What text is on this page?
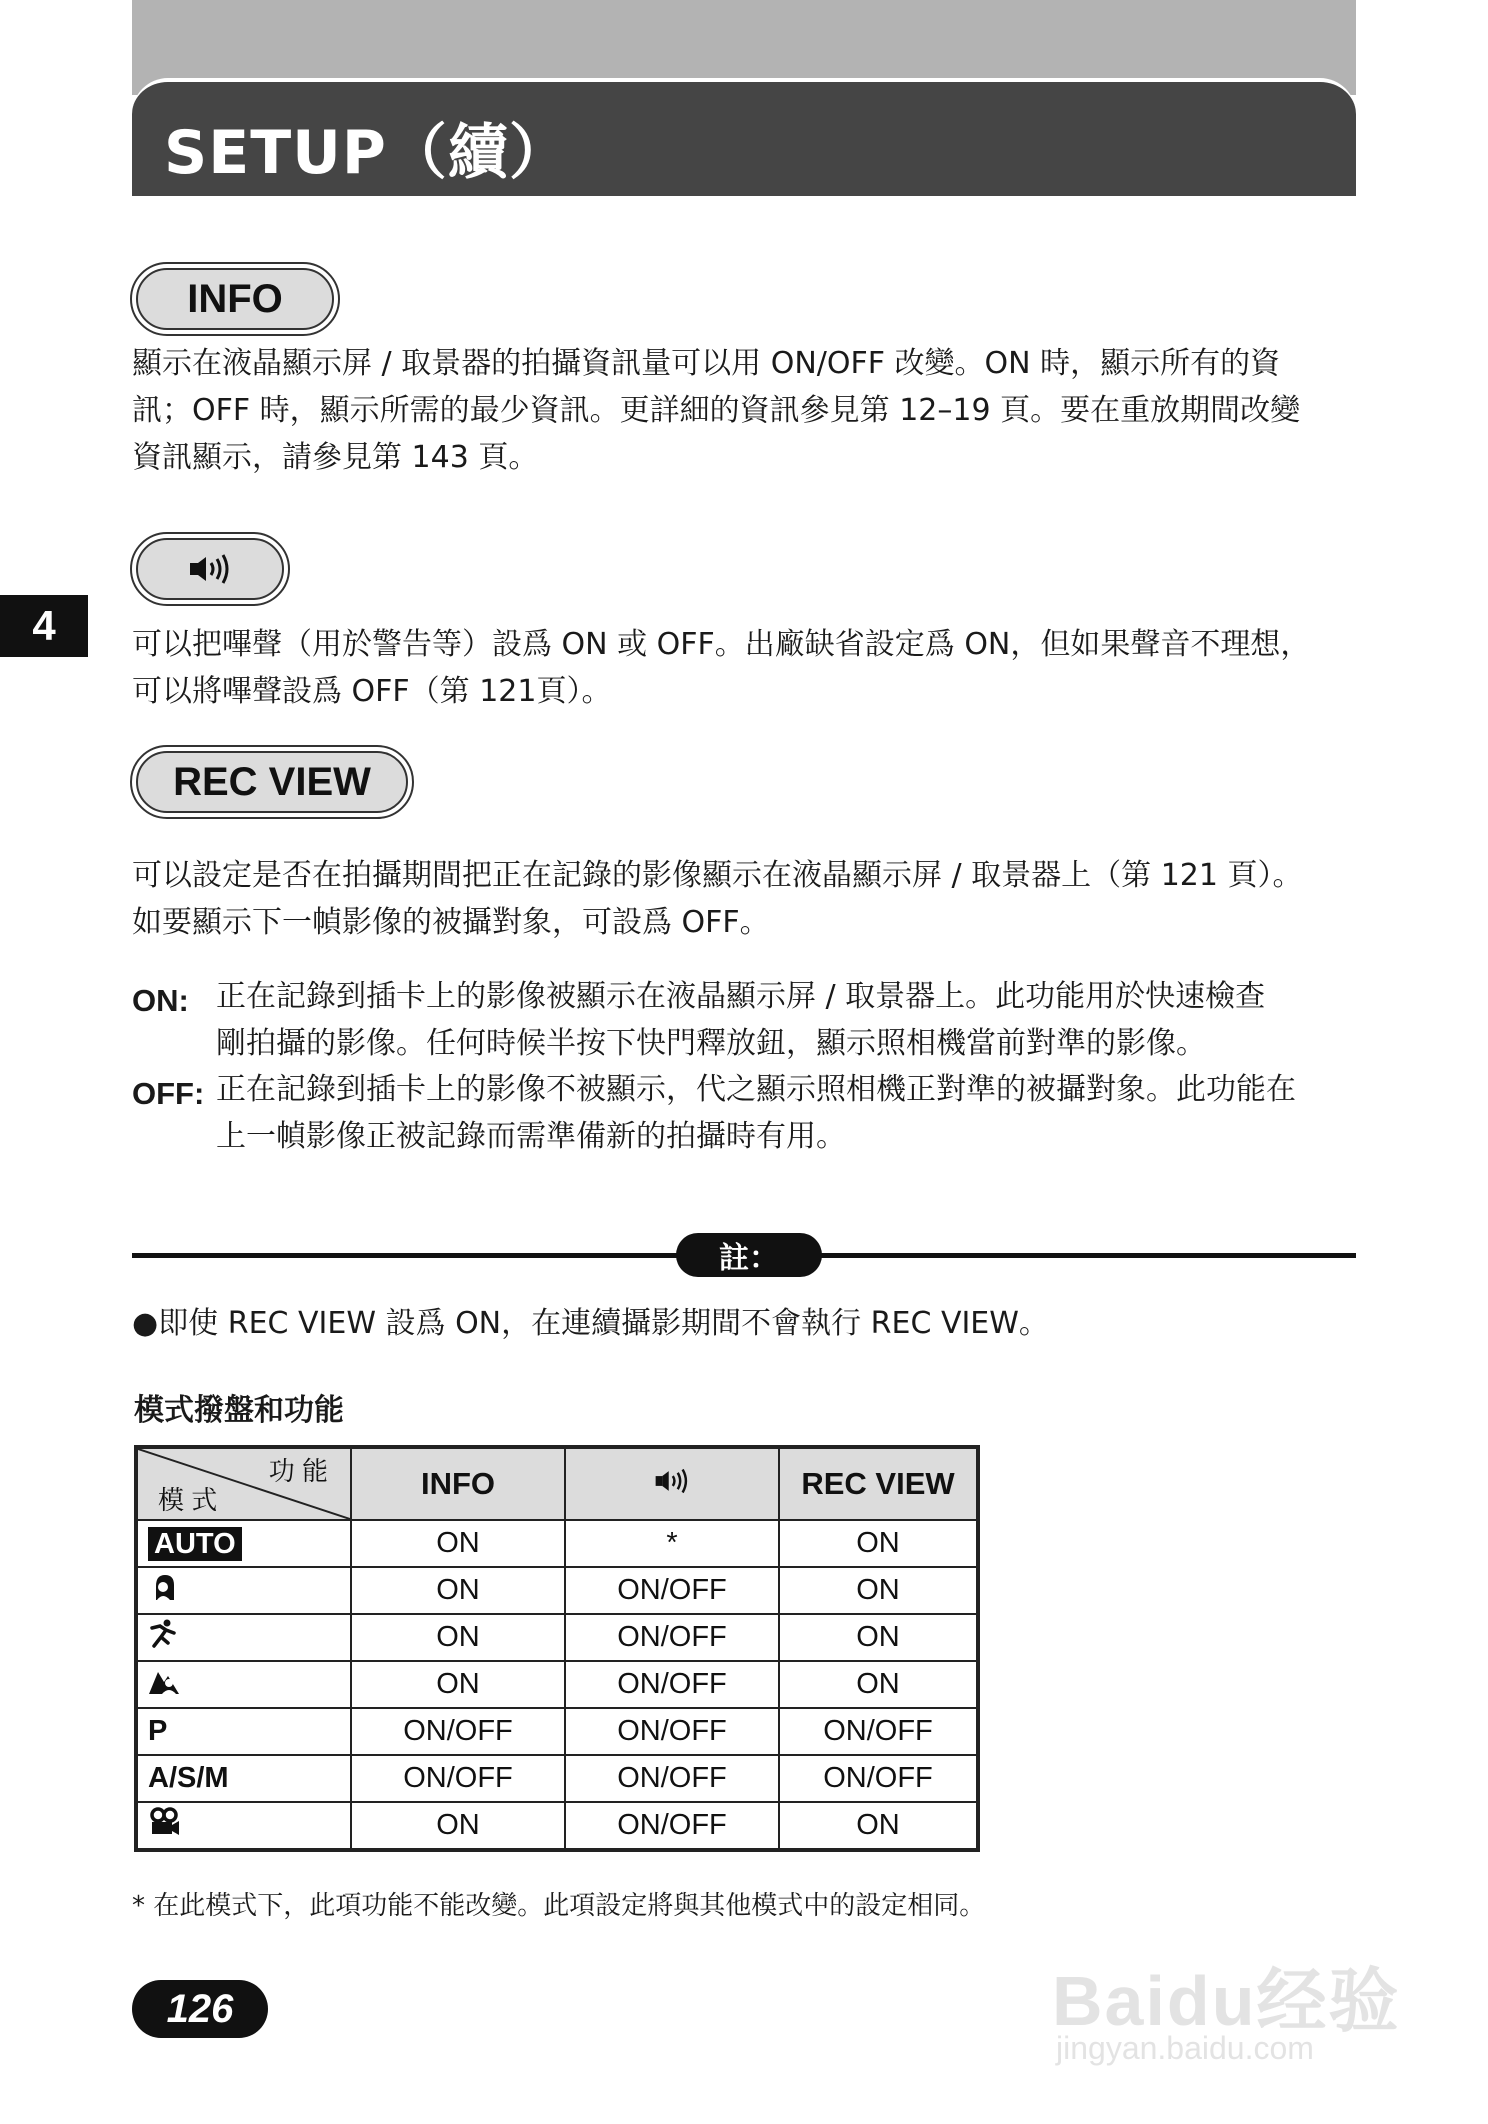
SETUP（續）
4
INFO
顯示在液晶顯示屏 / 取景器的拍攝資訊量可以用 ON/OFF 改變。ON 時，顯示所有的資
訊；OFF 時，顯示所需的最少資訊。更詳細的資訊參見第 12–19 頁。要在重放期間改變
資訊顯示，請參見第 143 頁。
可以把嗶聲（用於警告等）設爲 ON 或 OFF。出廠缺省設定爲 ON，但如果聲音不理想，
可以將嗶聲設爲 OFF（第 121頁）。
REC VIEW
可以設定是否在拍攝期間把正在記錄的影像顯示在液晶顯示屏 / 取景器上（第 121 頁）。
如要顯示下一幀影像的被攝對象，可設爲 OFF。
ON: 正在記錄到插卡上的影像被顯示在液晶顯示屏 / 取景器上。此功能用於快速檢查
剛拍攝的影像。任何時候半按下快門釋放鈕，顯示照相機當前對準的影像。
OFF: 正在記錄到插卡上的影像不被顯示，代之顯示照相機正對準的被攝對象。此功能在
上一幀影像正被記錄而需準備新的拍攝時有用。
註：
●即使 REC VIEW 設爲 ON，在連續攝影期間不會執行 REC VIEW。
模式撥盤和功能
功 能
模 式	INFO		REC VIEW
AUTO	ON	*	ON
	ON	ON/OFF	ON
	ON	ON/OFF	ON
	ON	ON/OFF	ON
P	ON/OFF	ON/OFF	ON/OFF
A/S/M	ON/OFF	ON/OFF	ON/OFF
	ON	ON/OFF	ON
* 在此模式下，此項功能不能改變。此項設定將與其他模式中的設定相同。
126	Baidu经验
jingyan.baidu.com
